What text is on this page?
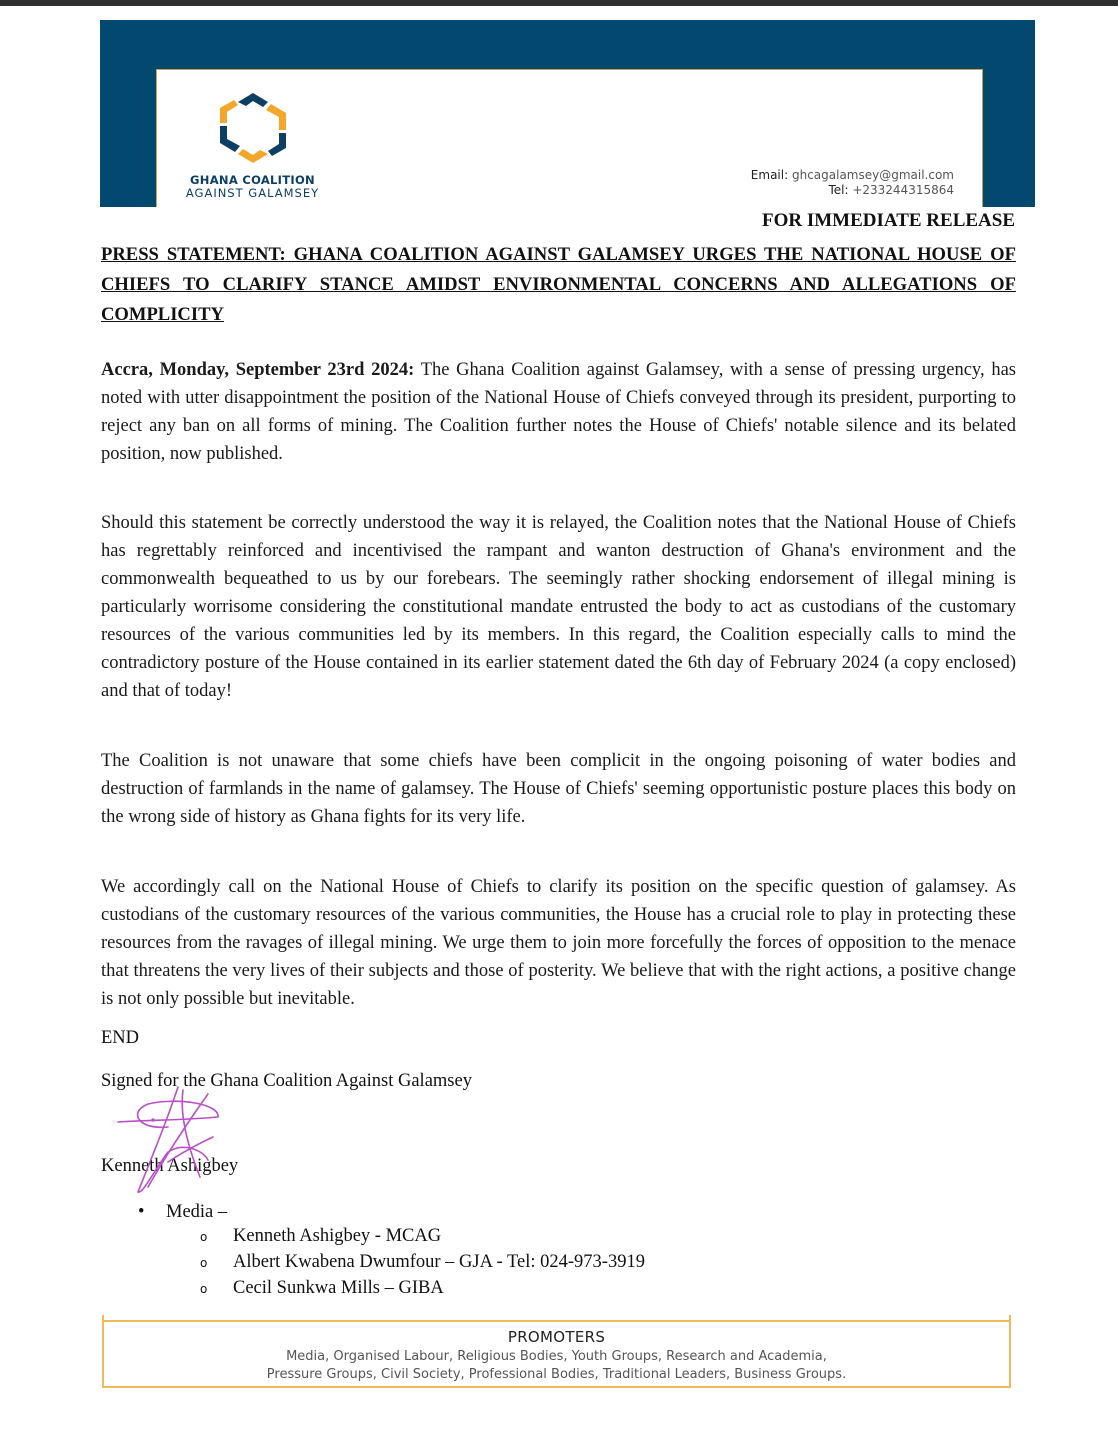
GHANA COALITION
AGAINST GALAMSEY
Email: ghcagalamsey@gmail.com
Tel: +233244315864
FOR IMMEDIATE RELEASE
PRESS STATEMENT: GHANA COALITION AGAINST GALAMSEY URGES THE NATIONAL HOUSE OF CHIEFS TO CLARIFY STANCE AMIDST ENVIRONMENTAL CONCERNS AND ALLEGATIONS OF COMPLICITY

Accra, Monday, September 23rd 2024: The Ghana Coalition against Galamsey, with a sense of pressing urgency, has noted with utter disappointment the position of the National House of Chiefs conveyed through its president, purporting to reject any ban on all forms of mining. The Coalition further notes the House of Chiefs' notable silence and its belated position, now published.

Should this statement be correctly understood the way it is relayed, the Coalition notes that the National House of Chiefs has regrettably reinforced and incentivised the rampant and wanton destruction of Ghana's environment and the commonwealth bequeathed to us by our forebears. The seemingly rather shocking endorsement of illegal mining is particularly worrisome considering the constitutional mandate entrusted the body to act as custodians of the customary resources of the various communities led by its members. In this regard, the Coalition especially calls to mind the contradictory posture of the House contained in its earlier statement dated the 6th day of February 2024 (a copy enclosed) and that of today!

The Coalition is not unaware that some chiefs have been complicit in the ongoing poisoning of water bodies and destruction of farmlands in the name of galamsey. The House of Chiefs' seeming opportunistic posture places this body on the wrong side of history as Ghana fights for its very life.

We accordingly call on the National House of Chiefs to clarify its position on the specific question of galamsey. As custodians of the customary resources of the various communities, the House has a crucial role to play in protecting these resources from the ravages of illegal mining. We urge them to join more forcefully the forces of opposition to the menace that threatens the very lives of their subjects and those of posterity. We believe that with the right actions, a positive change is not only possible but inevitable.

END
Signed for the Ghana Coalition Against Galamsey
Kenneth Ashigbey
• Media –
o Kenneth Ashigbey - MCAG
o Albert Kwabena Dwumfour – GJA - Tel: 024-973-3919
o Cecil Sunkwa Mills – GIBA
PROMOTERS
Media, Organised Labour, Religious Bodies, Youth Groups, Research and Academia,
Pressure Groups, Civil Society, Professional Bodies, Traditional Leaders, Business Groups.
